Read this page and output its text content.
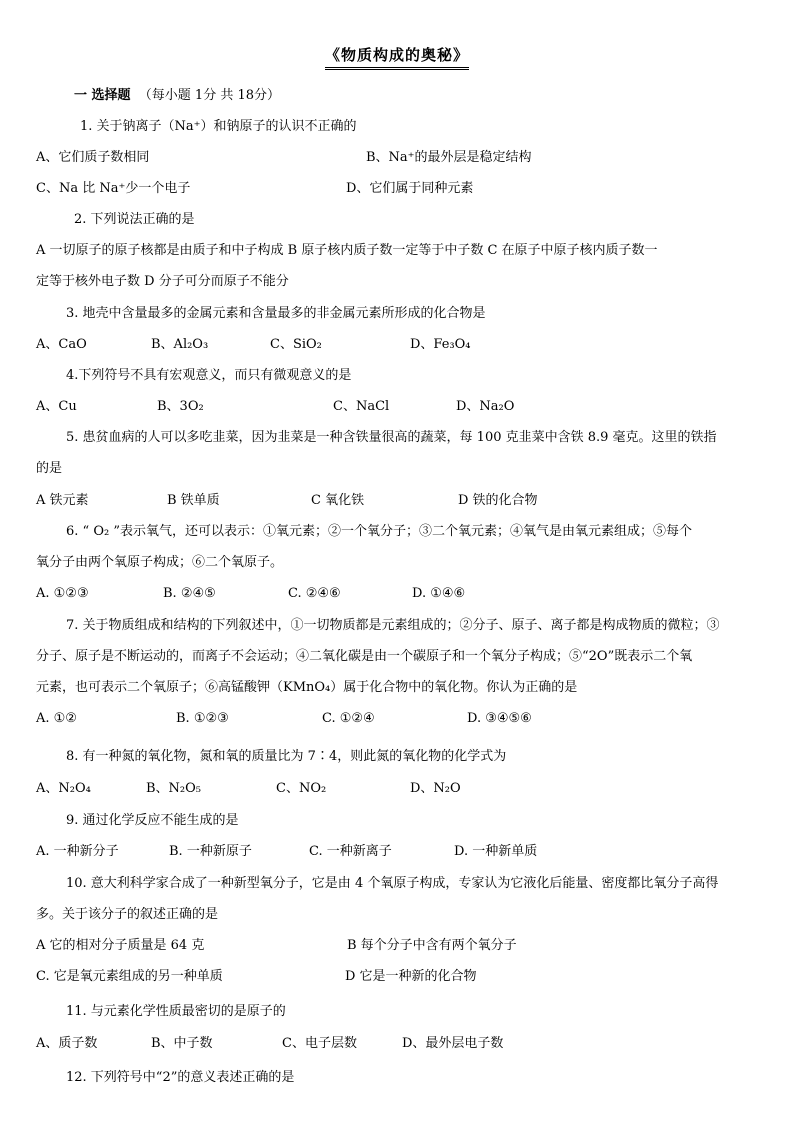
《物质构成的奥秘》
一 选择题 （每小题 1分 共 18分）
1. 关于钠离子（Na⁺）和钠原子的认识不正确的
A、它们质子数相同	B、Na⁺的最外层是稳定结构
C、Na 比 Na⁺少一个电子	D、它们属于同种元素
2. 下列说法正确的是
A 一切原子的原子核都是由质子和中子构成 B 原子核内质子数一定等于中子数 C 在原子中原子核内质子数一
定等于核外电子数 D 分子可分而原子不能分
3. 地壳中含量最多的金属元素和含量最多的非金属元素所形成的化合物是
A、CaO	B、Al₂O₃	C、SiO₂	D、Fe₃O₄
4.下列符号不具有宏观意义，而只有微观意义的是
A、Cu	B、3O₂	C、NaCl	D、Na₂O
5. 患贫血病的人可以多吃韭菜，因为韭菜是一种含铁量很高的蔬菜，每 100 克韭菜中含铁 8.9 毫克。这里的铁指
的是
A 铁元素	B 铁单质	C 氧化铁	D 铁的化合物
6. “ O₂ ”表示氧气，还可以表示：①氧元素；②一个氧分子；③二个氧元素；④氧气是由氧元素组成；⑤每个
氧分子由两个氧原子构成；⑥二个氧原子。
A. ①②③	B. ②④⑤	C. ②④⑥	D. ①④⑥
7. 关于物质组成和结构的下列叙述中，①一切物质都是元素组成的；②分子、原子、离子都是构成物质的微粒；③
分子、原子是不断运动的，而离子不会运动；④二氧化碳是由一个碳原子和一个氧分子构成；⑤“2O”既表示二个氧
元素，也可表示二个氧原子；⑥高锰酸钾（KMnO₄）属于化合物中的氧化物。你认为正确的是
A. ①②	B. ①②③	C. ①②④	D. ③④⑤⑥
8. 有一种氮的氧化物，氮和氧的质量比为 7∶4，则此氮的氧化物的化学式为
A、N₂O₄	B、N₂O₅	C、NO₂	D、N₂O
9. 通过化学反应不能生成的是
A. 一种新分子	B. 一种新原子	C. 一种新离子	D. 一种新单质
10. 意大利科学家合成了一种新型氧分子，它是由 4 个氧原子构成，专家认为它液化后能量、密度都比氧分子高得
多。关于该分子的叙述正确的是
A 它的相对分子质量是 64 克	B 每个分子中含有两个氧分子
C. 它是氧元素组成的另一种单质	D 它是一种新的化合物
11. 与元素化学性质最密切的是原子的
A、质子数	B、中子数	C、电子层数	D、最外层电子数
12. 下列符号中“2”的意义表述正确的是
